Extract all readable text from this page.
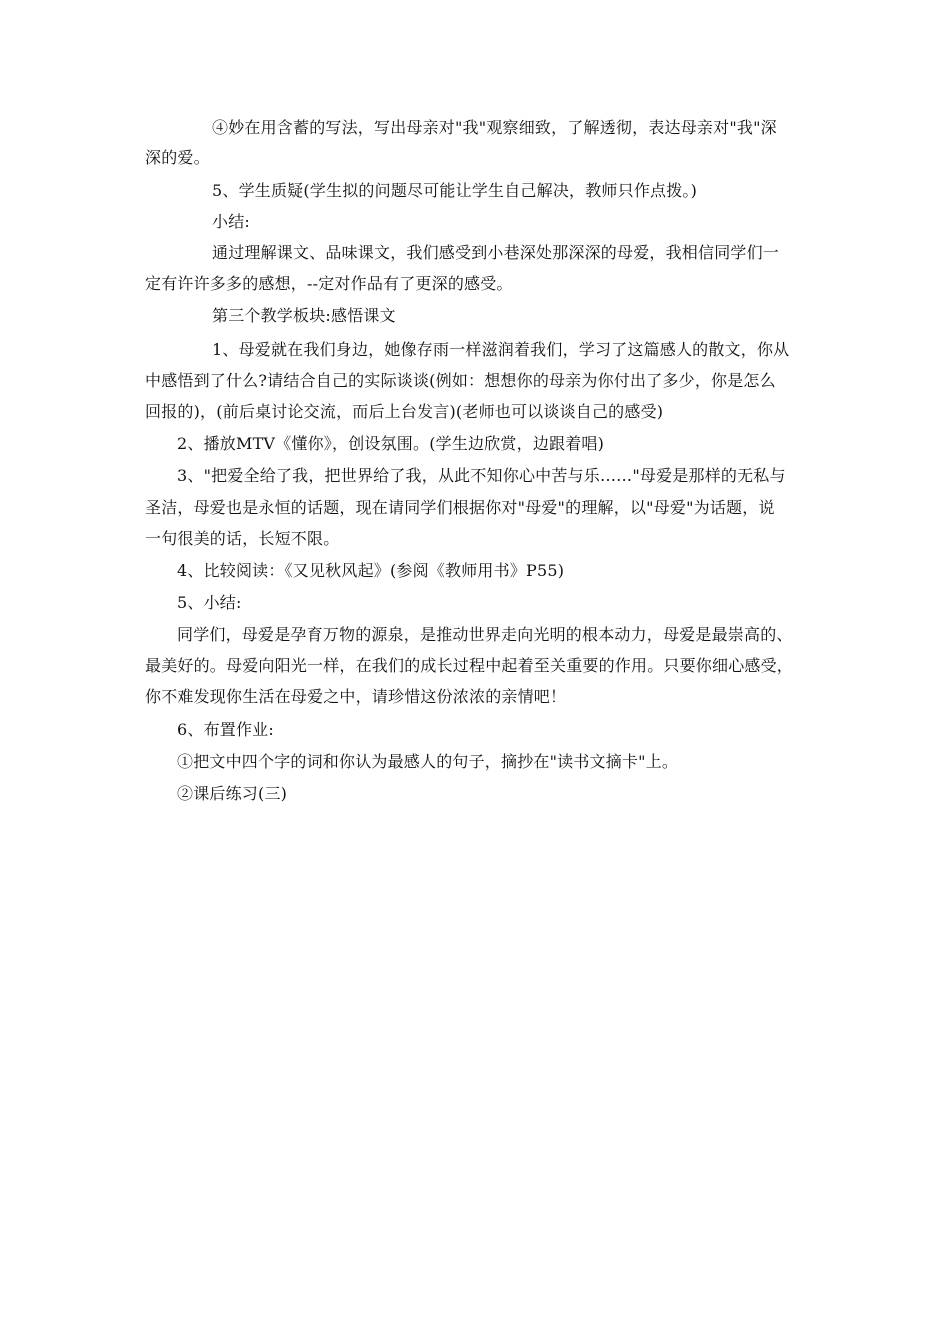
④妙在用含蓄的写法，写出母亲对"我"观察细致，了解透彻，表达母亲对"我"深
深的爱。
5、学生质疑(学生拟的问题尽可能让学生自己解决，教师只作点拨。)
小结:
通过理解课文、品味课文，我们感受到小巷深处那深深的母爱，我相信同学们一
定有许许多多的感想，--定对作品有了更深的感受。
第三个教学板块:感悟课文
1、母爱就在我们身边，她像存雨一样滋润着我们，学习了这篇感人的散文，你从
中感悟到了什么?请结合自己的实际谈谈(例如：想想你的母亲为你付出了多少，你是怎么
回报的)，(前后桌讨论交流，而后上台发言)(老师也可以谈谈自己的感受)
2、播放MTV《懂你》，创设氛围。(学生边欣赏，边跟着唱)
3、"把爱全给了我，把世界给了我，从此不知你心中苦与乐……"母爱是那样的无私与
圣洁，母爱也是永恒的话题，现在请同学们根据你对"母爱"的理解，以"母爱"为话题，说
一句很美的话，长短不限。
4、比较阅读：《又见秋风起》(参阅《教师用书》P55)
5、小结:
同学们，母爱是孕育万物的源泉，是推动世界走向光明的根本动力，母爱是最崇高的、
最美好的。母爱向阳光一样，在我们的成长过程中起着至关重要的作用。只要你细心感受，
你不难发现你生活在母爱之中，请珍惜这份浓浓的亲情吧！
6、布置作业:
①把文中四个字的词和你认为最感人的句子，摘抄在"读书文摘卡"上。
②课后练习(三)
